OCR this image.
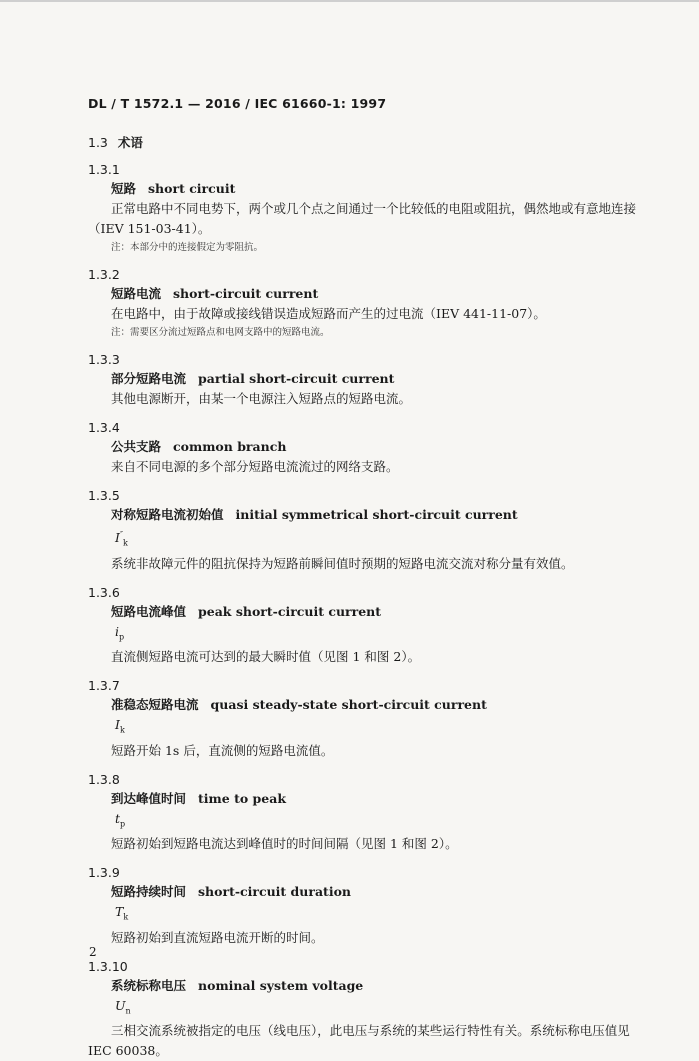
DL / T 1572.1 — 2016 / IEC 61660-1: 1997
1.3 术语
1.3.1
短路 short circuit
正常电路中不同电势下，两个或几个点之间通过一个比较低的电阻或阻抗，偶然地或有意地连接
（IEV 151-03-41）。
注：本部分中的连接假定为零阻抗。
1.3.2
短路电流 short-circuit current
在电路中，由于故障或接线错误造成短路而产生的过电流（IEV 441-11-07）。
注：需要区分流过短路点和电网支路中的短路电流。
1.3.3
部分短路电流 partial short-circuit current
其他电源断开，由某一个电源注入短路点的短路电流。
1.3.4
公共支路 common branch
来自不同电源的多个部分短路电流流过的网络支路。
1.3.5
对称短路电流初始值 initial symmetrical short-circuit current
$I''_k$
系统非故障元件的阻抗保持为短路前瞬间值时预期的短路电流交流对称分量有效值。
1.3.6
短路电流峰值 peak short-circuit current
$i_p$
直流侧短路电流可达到的最大瞬时值（见图 1 和图 2）。
1.3.7
准稳态短路电流 quasi steady-state short-circuit current
$I_k$
短路开始 1s 后，直流侧的短路电流值。
1.3.8
到达峰值时间 time to peak
$t_p$
短路初始到短路电流达到峰值时的时间间隔（见图 1 和图 2）。
1.3.9
短路持续时间 short-circuit duration
$T_k$
短路初始到直流短路电流开断的时间。
1.3.10
系统标称电压 nominal system voltage
$U_n$
三相交流系统被指定的电压（线电压），此电压与系统的某些运行特性有关。系统标称电压值见
IEC 60038。
2
